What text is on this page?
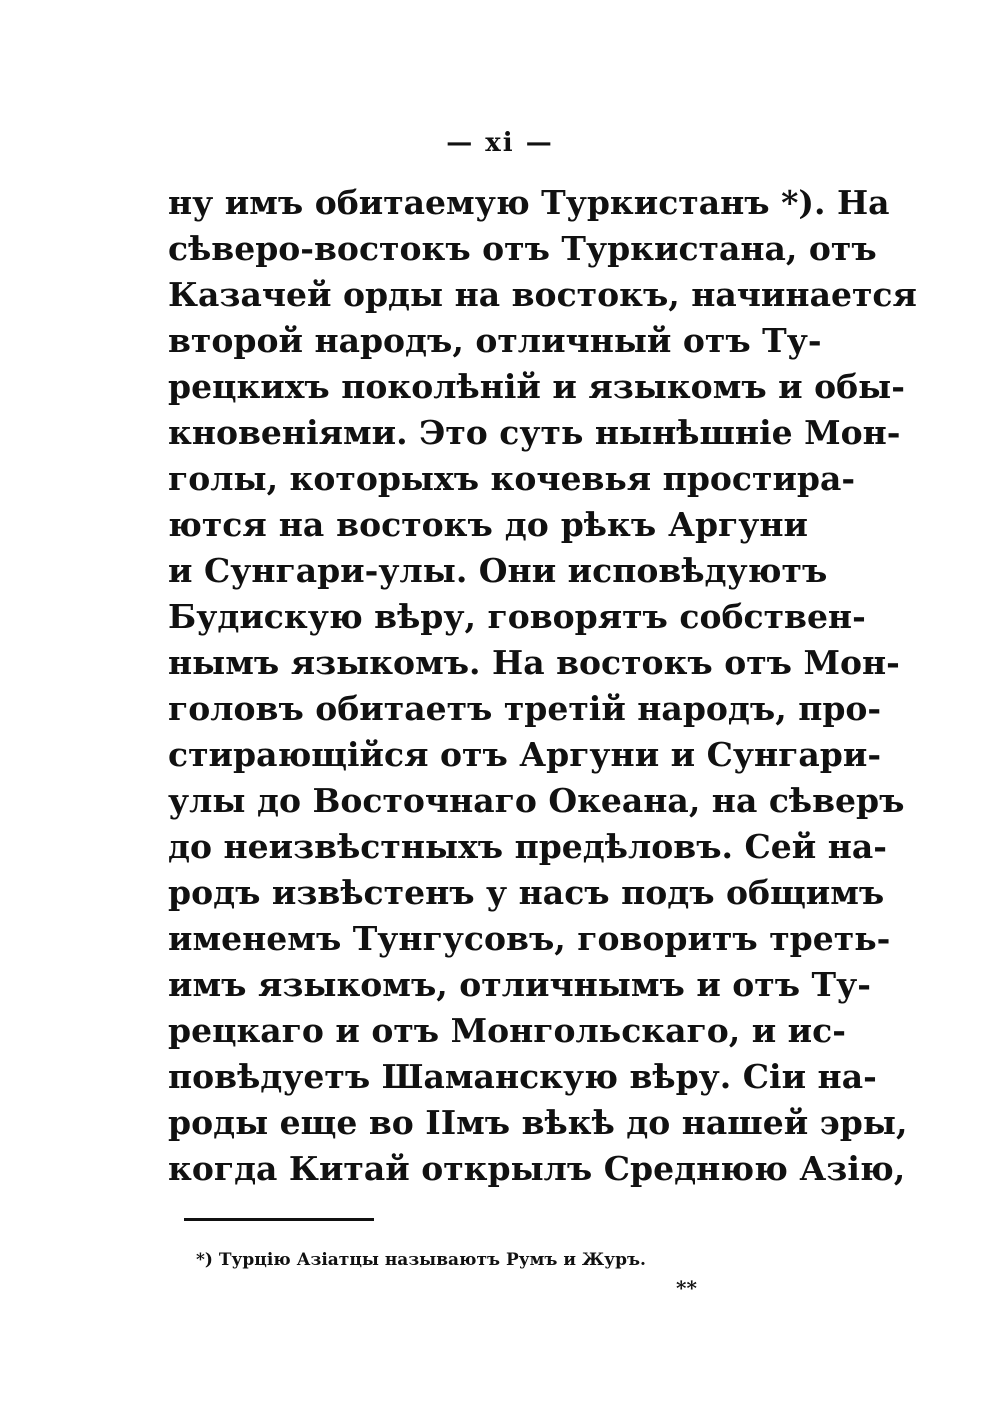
— xi —
ну имъ обитаемую Туркистанъ *). На
сѣверо-востокъ отъ Туркистана, отъ
Казачей орды на востокъ, начинается
второй народъ, отличный отъ Ту-
рецкихъ поколѣній и языкомъ и обы-
кновеніями. Это суть нынѣшніе Мон-
голы, которыхъ кочевья простира-
ются на востокъ до рѣкъ Аргуни
и Сунгари-улы. Они исповѣдуютъ
Будискую вѣру, говорятъ собствен-
нымъ языкомъ. На востокъ отъ Мон-
головъ обитаетъ третій народъ, про-
стирающійся отъ Аргуни и Сунгари-
улы до Восточнаго Океана, на сѣверъ
до неизвѣстныхъ предѣловъ. Сей на-
родъ извѣстенъ у насъ подъ общимъ
именемъ Тунгусовъ, говоритъ треть-
имъ языкомъ, отличнымъ и отъ Ту-
рецкаго и отъ Монгольскаго, и ис-
повѣдуетъ Шаманскую вѣру. Сіи на-
роды еще во IIмъ вѣкѣ до нашей эры,
когда Китай открылъ Среднюю Азію,
*) Турцію Азіатцы называютъ Румъ и Журъ.
**
